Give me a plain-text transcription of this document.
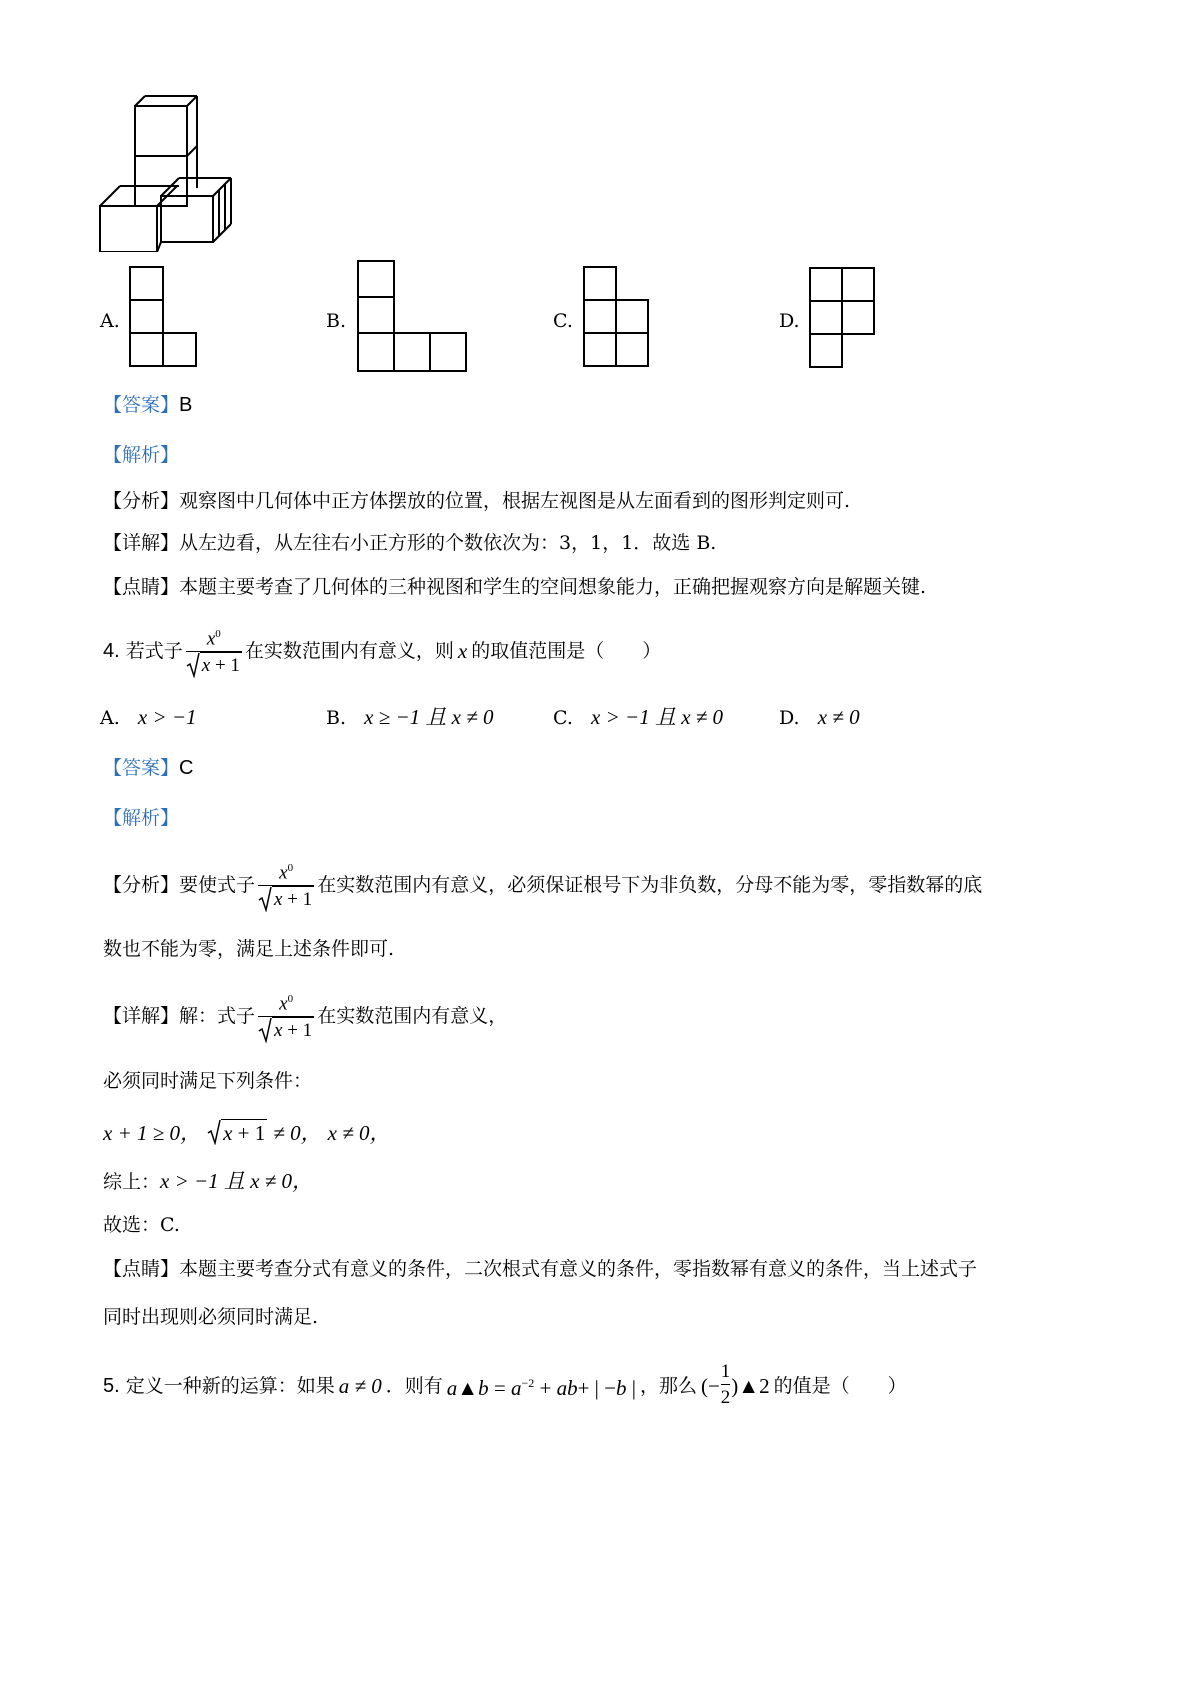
A.	B.	C.	D.
【答案】B
【解析】
【分析】观察图中几何体中正方体摆放的位置，根据左视图是从左面看到的图形判定则可.
【详解】从左边看，从左往右小正方形的个数依次为：3，1，1．故选 B.
【点睛】本题主要考查了几何体的三种视图和学生的空间想象能力，正确把握观察方向是解题关键.
4.
若式子 $\frac{x^0}{x + 1}$ 在实数范围内有意义，则 x 的取值范围是（　　）
A. x > −1	B. x ≥ −1 且 x ≠ 0	C. x > −1 且 x ≠ 0	D. x ≠ 0
【答案】C
【解析】
【分析】 要使式子 $\frac{x^0}{x + 1}$ 在实数范围内有意义，必须保证根号下为非负数，分母不能为零，零指数幂的底
数也不能为零，满足上述条件即可.
【详解】 解：式子 $\frac{x^0}{x + 1}$ 在实数范围内有意义，
必须同时满足下列条件：
x + 1 ≥ 0，
	x + 1
≠ 0，
x ≠ 0，
综上：x > −1 且 x ≠ 0，
故选：C.
【点睛】本题主要考查分式有意义的条件，二次根式有意义的条件，零指数幂有意义的条件，当上述式子
同时出现则必须同时满足.
5.
定义一种新的运算：如果 a ≠ 0 ．则有 a▲b = $a^{-2} + ab+$ | −b | ，那么 (− $\frac{1}{2}$ )▲2 的值是（　　）
